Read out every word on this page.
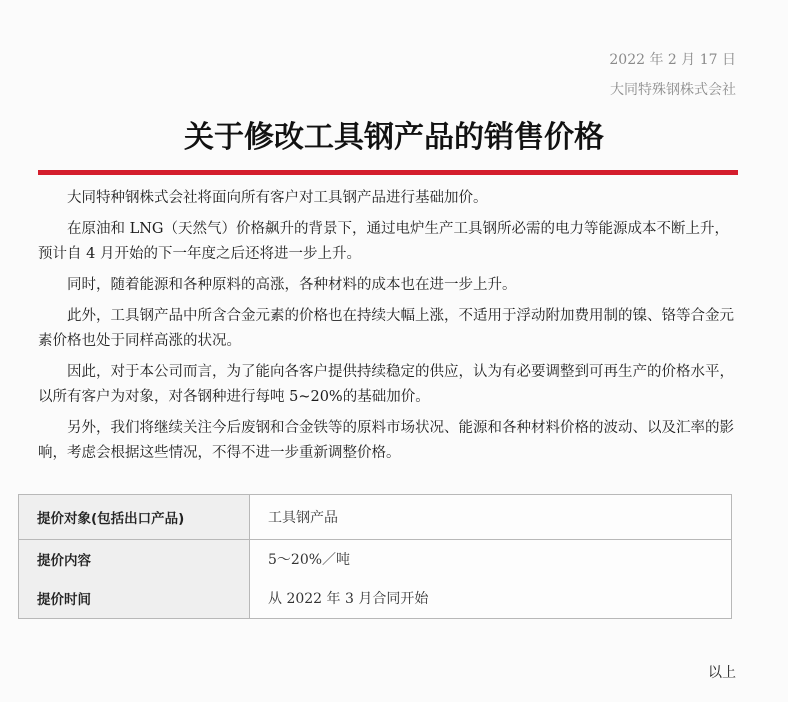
2022 年 2 月 17 日

大同特殊钢株式会社

关于修改工具钢产品的销售价格

大同特种钢株式会社将面向所有客户对工具钢产品进行基础加价。

在原油和 LNG（天然气）价格飙升的背景下，通过电炉生产工具钢所必需的电力等能源成本不断上升，预计自 4 月开始的下一年度之后还将进一步上升。

同时，随着能源和各种原料的高涨，各种材料的成本也在进一步上升。

此外，工具钢产品中所含合金元素的价格也在持续大幅上涨，不适用于浮动附加费用制的镍、铬等合金元素价格也处于同样高涨的状况。

因此，对于本公司而言，为了能向各客户提供持续稳定的供应，认为有必要调整到可再生产的价格水平，以所有客户为对象，对各钢种进行每吨 5~20%的基础加价。

另外，我们将继续关注今后废钢和合金铁等的原料市场状况、能源和各种材料价格的波动、以及汇率的影响，考虑会根据这些情况，不得不进一步重新调整价格。

提价对象(包括出口产品)	工具钢产品
提价内容	5～20%／吨
提价时间	从 2022 年 3 月合同开始

以上
